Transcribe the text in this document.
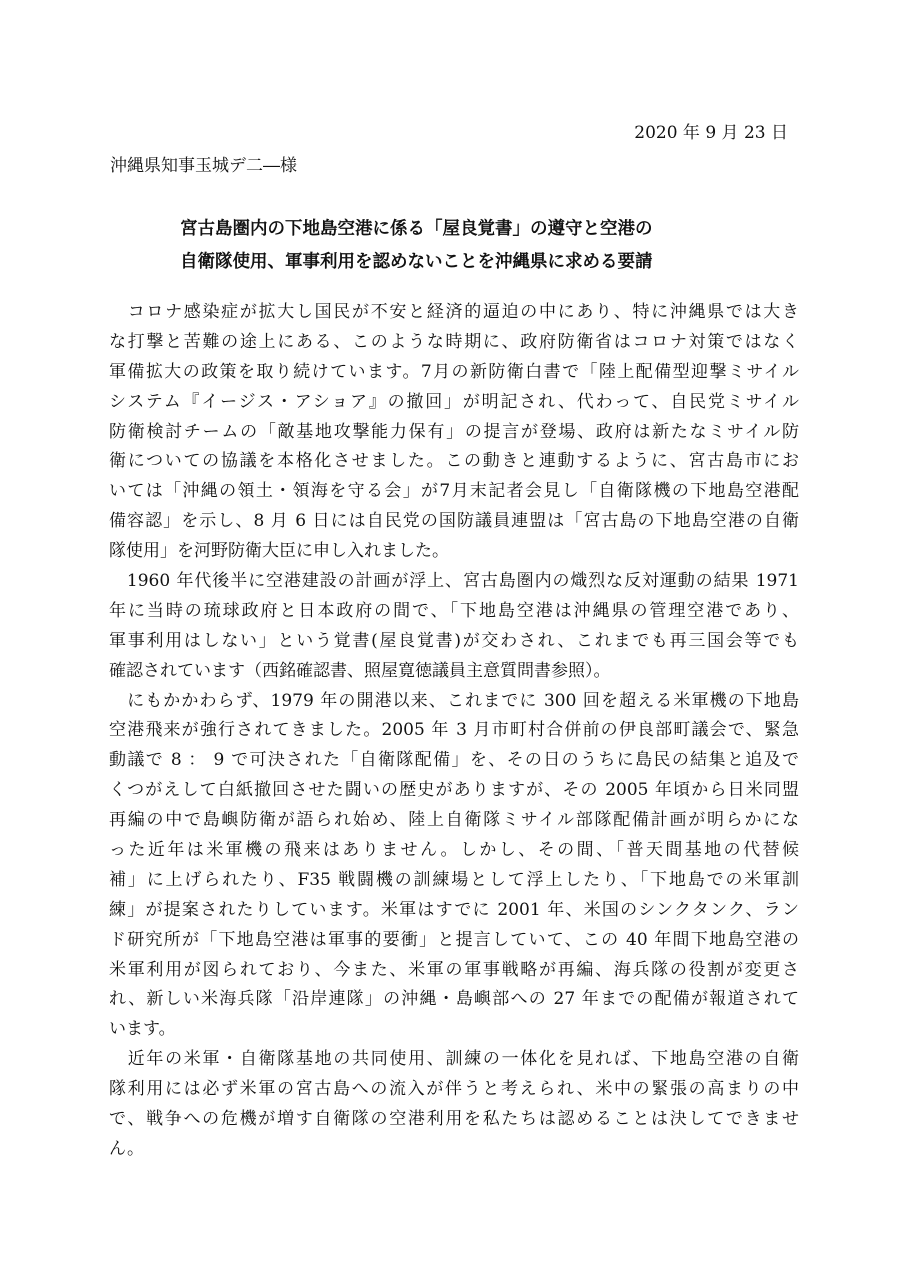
2020 年 9 月 23 日
沖縄県知事玉城デ二―様
宮古島圏内の下地島空港に係る「屋良覚書」の遵守と空港の
自衛隊使用、軍事利用を認めないことを沖縄県に求める要請
　コロナ感染症が拡大し国民が不安と経済的逼迫の中にあり、特に沖縄県では大き
な打撃と苦難の途上にある、このような時期に、政府防衛省はコロナ対策ではなく
軍備拡大の政策を取り続けています。7月の新防衛白書で「陸上配備型迎撃ミサイル
システム『イージス・アショア』の撤回」が明記され、代わって、自民党ミサイル
防衛検討チームの「敵基地攻撃能力保有」の提言が登場、政府は新たなミサイル防
衛についての協議を本格化させました。この動きと連動するように、宮古島市にお
いては「沖縄の領土・領海を守る会」が7月末記者会見し「自衛隊機の下地島空港配
備容認」を示し、8 月 6 日には自民党の国防議員連盟は「宮古島の下地島空港の自衛
隊使用」を河野防衛大臣に申し入れました。
　1960 年代後半に空港建設の計画が浮上、宮古島圏内の熾烈な反対運動の結果 1971
年に当時の琉球政府と日本政府の間で、「下地島空港は沖縄県の管理空港であり、
軍事利用はしない」という覚書(屋良覚書)が交わされ、これまでも再三国会等でも
確認されています（西銘確認書、照屋寛徳議員主意質問書参照）。
　にもかかわらず、1979 年の開港以来、これまでに 300 回を超える米軍機の下地島
空港飛来が強行されてきました。2005 年 3 月市町村合併前の伊良部町議会で、緊急
動議で 8 ： 9 で可決された「自衛隊配備」を、その日のうちに島民の結集と追及で
くつがえして白紙撤回させた闘いの歴史がありますが、その 2005 年頃から日米同盟
再編の中で島嶼防衛が語られ始め、陸上自衛隊ミサイル部隊配備計画が明らかにな
った近年は米軍機の飛来はありません。しかし、その間、「普天間基地の代替候
補」に上げられたり、F35 戦闘機の訓練場として浮上したり、「下地島での米軍訓
練」が提案されたりしています。米軍はすでに 2001 年、米国のシンクタンク、ラン
ド研究所が「下地島空港は軍事的要衝」と提言していて、この 40 年間下地島空港の
米軍利用が図られており、今また、米軍の軍事戦略が再編、海兵隊の役割が変更さ
れ、新しい米海兵隊「沿岸連隊」の沖縄・島嶼部への 27 年までの配備が報道されて
います。
　近年の米軍・自衛隊基地の共同使用、訓練の一体化を見れば、下地島空港の自衛
隊利用には必ず米軍の宮古島への流入が伴うと考えられ、米中の緊張の高まりの中
で、戦争への危機が増す自衛隊の空港利用を私たちは認めることは決してできませ
ん。
